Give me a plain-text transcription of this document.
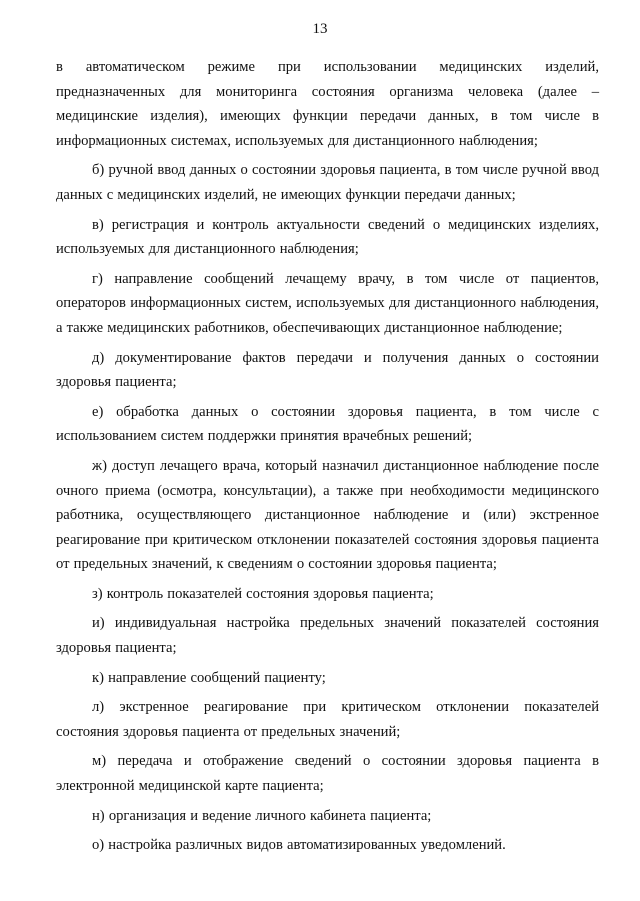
13

в автоматическом режиме при использовании медицинских изделий, предназначенных для мониторинга состояния организма человека (далее – медицинские изделия), имеющих функции передачи данных, в том числе в информационных системах, используемых для дистанционного наблюдения;

б) ручной ввод данных о состоянии здоровья пациента, в том числе ручной ввод данных с медицинских изделий, не имеющих функции передачи данных;

в) регистрация и контроль актуальности сведений о медицинских изделиях, используемых для дистанционного наблюдения;

г) направление сообщений лечащему врачу, в том числе от пациентов, операторов информационных систем, используемых для дистанционного наблюдения, а также медицинских работников, обеспечивающих дистанционное наблюдение;

д) документирование фактов передачи и получения данных о состоянии здоровья пациента;

е) обработка данных о состоянии здоровья пациента, в том числе с использованием систем поддержки принятия врачебных решений;

ж) доступ лечащего врача, который назначил дистанционное наблюдение после очного приема (осмотра, консультации), а также при необходимости медицинского работника, осуществляющего дистанционное наблюдение и (или) экстренное реагирование при критическом отклонении показателей состояния здоровья пациента от предельных значений, к сведениям о состоянии здоровья пациента;

з) контроль показателей состояния здоровья пациента;

и) индивидуальная настройка предельных значений показателей состояния здоровья пациента;

к) направление сообщений пациенту;

л) экстренное реагирование при критическом отклонении показателей состояния здоровья пациента от предельных значений;

м) передача и отображение сведений о состоянии здоровья пациента в электронной медицинской карте пациента;

н) организация и ведение личного кабинета пациента;

о) настройка различных видов автоматизированных уведомлений.
